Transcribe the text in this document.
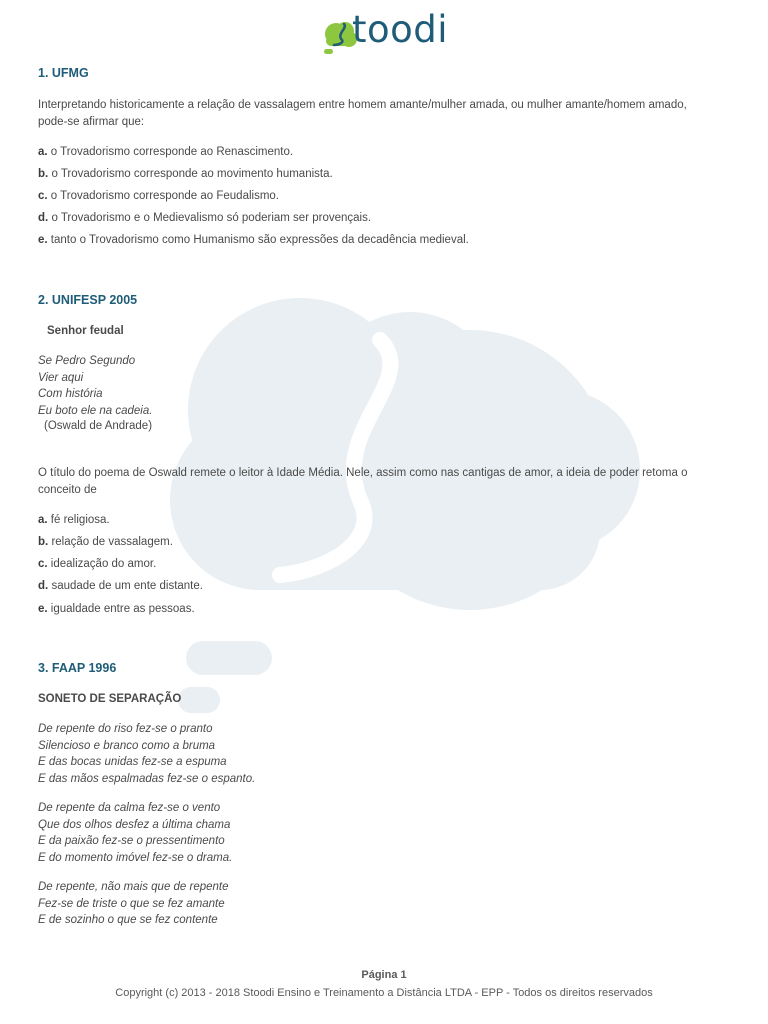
toodi
1. UFMG
Interpretando historicamente a relação de vassalagem entre homem amante/mulher amada, ou mulher amante/homem amado, pode-se afirmar que:
a. o Trovadorismo corresponde ao Renascimento.
b. o Trovadorismo corresponde ao movimento humanista.
c. o Trovadorismo corresponde ao Feudalismo.
d. o Trovadorismo e o Medievalismo só poderiam ser provençais.
e. tanto o Trovadorismo como Humanismo são expressões da decadência medieval.
2. UNIFESP 2005
Senhor feudal
Se Pedro Segundo
Vier aqui
Com história
Eu boto ele na cadeia.
(Oswald de Andrade)
O título do poema de Oswald remete o leitor à Idade Média. Nele, assim como nas cantigas de amor, a ideia de poder retoma o conceito de
a. fé religiosa.
b. relação de vassalagem.
c. idealização do amor.
d. saudade de um ente distante.
e. igualdade entre as pessoas.
3. FAAP 1996
SONETO DE SEPARAÇÃO
De repente do riso fez-se o pranto
Silencioso e branco como a bruma
E das bocas unidas fez-se a espuma
E das mãos espalmadas fez-se o espanto.
De repente da calma fez-se o vento
Que dos olhos desfez a última chama
E da paixão fez-se o pressentimento
E do momento imóvel fez-se o drama.
De repente, não mais que de repente
Fez-se de triste o que se fez amante
E de sozinho o que se fez contente
Página 1
Copyright (c) 2013 - 2018 Stoodi Ensino e Treinamento a Distância LTDA - EPP - Todos os direitos reservados
